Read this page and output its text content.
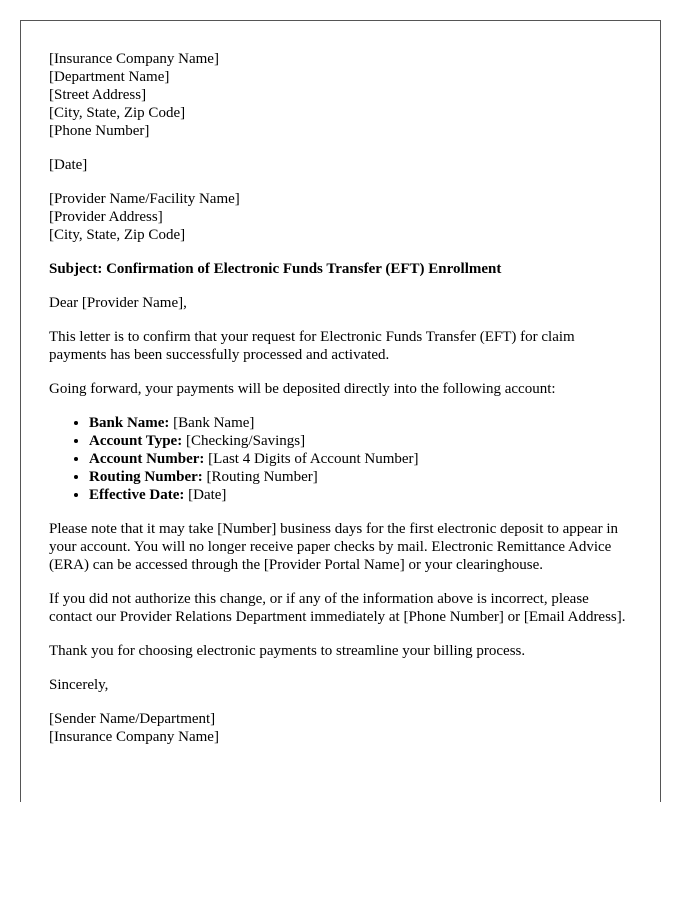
[Insurance Company Name]
[Department Name]
[Street Address]
[City, State, Zip Code]
[Phone Number]

[Date]

[Provider Name/Facility Name]
[Provider Address]
[City, State, Zip Code]

Subject: Confirmation of Electronic Funds Transfer (EFT) Enrollment

Dear [Provider Name],

This letter is to confirm that your request for Electronic Funds Transfer (EFT) for claim payments has been successfully processed and activated.

Going forward, your payments will be deposited directly into the following account:

• Bank Name: [Bank Name]
• Account Type: [Checking/Savings]
• Account Number: [Last 4 Digits of Account Number]
• Routing Number: [Routing Number]
• Effective Date: [Date]

Please note that it may take [Number] business days for the first electronic deposit to appear in your account. You will no longer receive paper checks by mail. Electronic Remittance Advice (ERA) can be accessed through the [Provider Portal Name] or your clearinghouse.

If you did not authorize this change, or if any of the information above is incorrect, please contact our Provider Relations Department immediately at [Phone Number] or [Email Address].

Thank you for choosing electronic payments to streamline your billing process.

Sincerely,

[Sender Name/Department]
[Insurance Company Name]
